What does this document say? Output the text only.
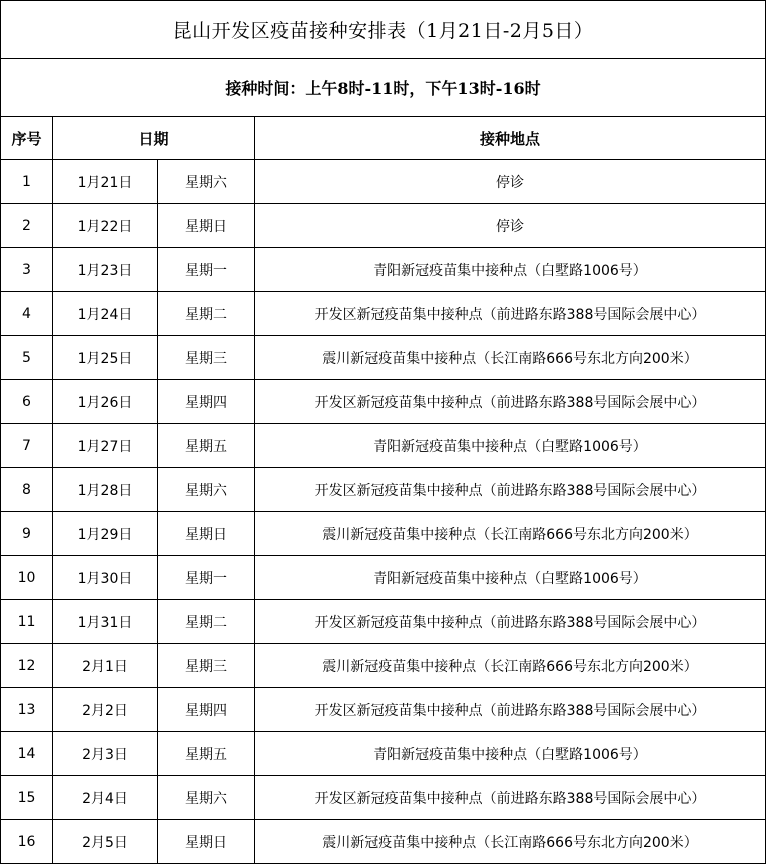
昆山开发区疫苗接种安排表（1月21日-2月5日）			
接种时间：上午8时-11时，下午13时-16时			
序号	日期		接种地点
1	1月21日	星期六	停诊
2	1月22日	星期日	停诊
3	1月23日	星期一	青阳新冠疫苗集中接种点（白墅路1006号）
4	1月24日	星期二	开发区新冠疫苗集中接种点（前进路东路388号国际会展中心）
5	1月25日	星期三	震川新冠疫苗集中接种点（长江南路666号东北方向200米）
6	1月26日	星期四	开发区新冠疫苗集中接种点（前进路东路388号国际会展中心）
7	1月27日	星期五	青阳新冠疫苗集中接种点（白墅路1006号）
8	1月28日	星期六	开发区新冠疫苗集中接种点（前进路东路388号国际会展中心）
9	1月29日	星期日	震川新冠疫苗集中接种点（长江南路666号东北方向200米）
10	1月30日	星期一	青阳新冠疫苗集中接种点（白墅路1006号）
11	1月31日	星期二	开发区新冠疫苗集中接种点（前进路东路388号国际会展中心）
12	2月1日	星期三	震川新冠疫苗集中接种点（长江南路666号东北方向200米）
13	2月2日	星期四	开发区新冠疫苗集中接种点（前进路东路388号国际会展中心）
14	2月3日	星期五	青阳新冠疫苗集中接种点（白墅路1006号）
15	2月4日	星期六	开发区新冠疫苗集中接种点（前进路东路388号国际会展中心）
16	2月5日	星期日	震川新冠疫苗集中接种点（长江南路666号东北方向200米）
